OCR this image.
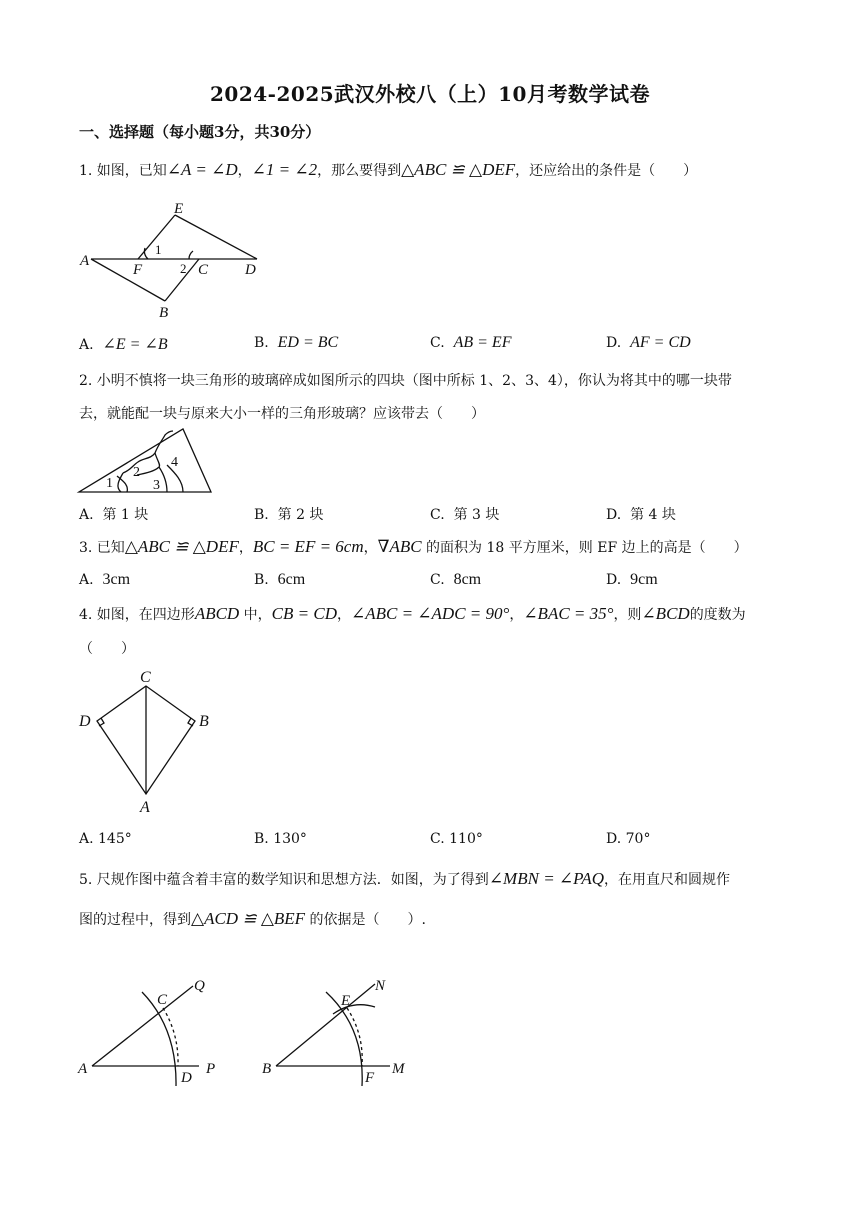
2024-2025武汉外校八（上）10月考数学试卷
一、选择题（每小题3分，共30分）
1. 如图，已知∠A = ∠D，∠1 = ∠2，那么要得到△ABC ≌ △DEF，还应给出的条件是（　　）
E
A
F	C D
B
1
2
A. ∠E = ∠B	B. ED = BC	C. AB = EF	D. AF = CD
2. 小明不慎将一块三角形的玻璃碎成如图所示的四块（图中所标 1、2、3、4），你认为将其中的哪一块带
去，就能配一块与原来大小一样的三角形玻璃？应该带去（　　）
1
2
3
4
A. 第 1 块	B. 第 2 块	C. 第 3 块	D. 第 4 块
3. 已知△ABC ≌ △DEF，BC = EF = 6cm，∇ABC 的面积为 18 平方厘米，则 EF 边上的高是（　　）
A. 3cm	B. 6cm	C. 8cm	D. 9cm
4. 如图，在四边形ABCD 中，CB = CD，∠ABC = ∠ADC = 90°，∠BAC = 35°，则∠BCD的度数为
（　　）
C
D	B
A
A. 145°	B. 130°	C. 110°	D. 70°
5. 尺规作图中蕴含着丰富的数学知识和思想方法．如图，为了得到∠MBN = ∠PAQ，在用直尺和圆规作
图的过程中，得到△ACD ≌ △BEF 的依据是（　　）.
Q
C
A
D
P
N
E
B
F
M
